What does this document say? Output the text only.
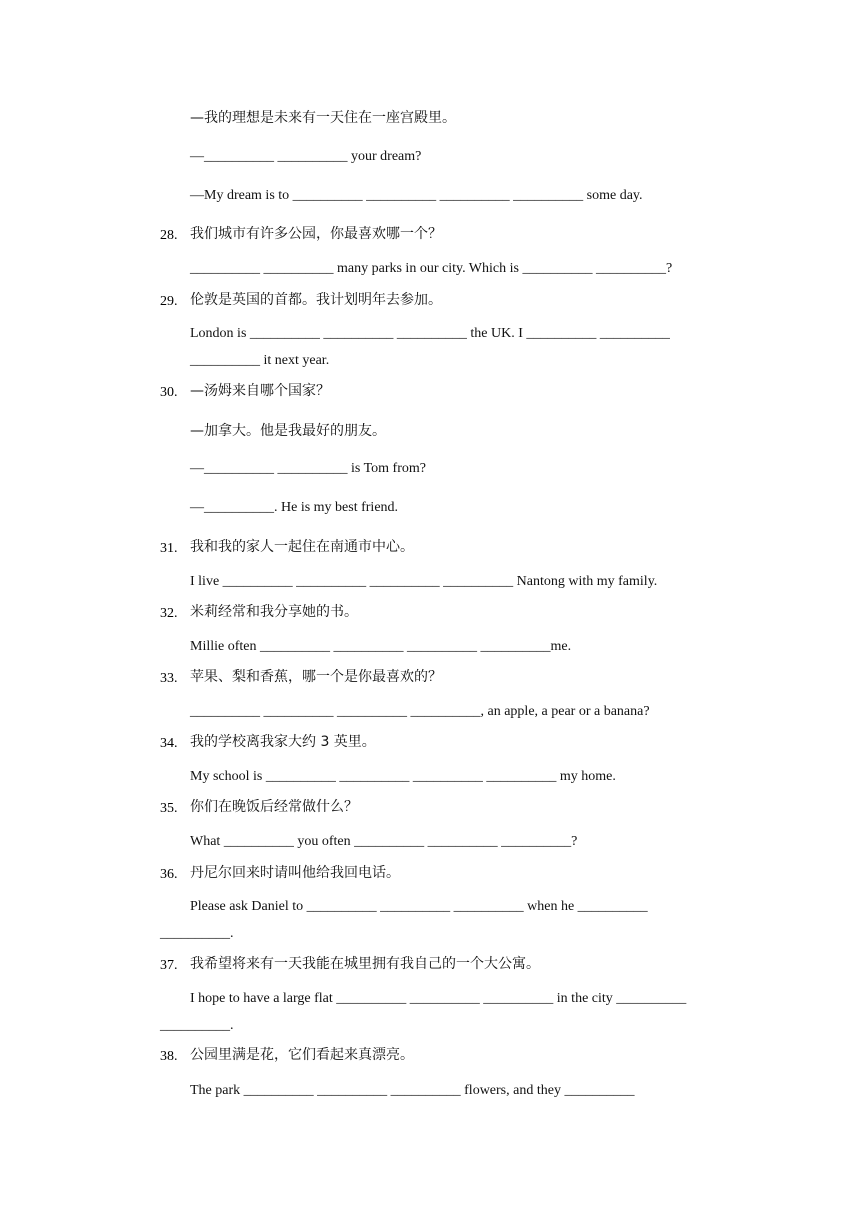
—我的理想是未来有一天住在一座宫殿里。
—__________ __________ your dream?
—My dream is to __________ __________ __________ __________ some day.
28. 我们城市有许多公园，你最喜欢哪一个？
__________ __________ many parks in our city. Which is __________ __________?
29. 伦敦是英国的首都。我计划明年去参加。
London is __________ __________ __________ the UK. I __________ __________
__________ it next year.
30. —汤姆来自哪个国家？
—加拿大。他是我最好的朋友。
—__________ __________ is Tom from?
—__________. He is my best friend.
31. 我和我的家人一起住在南通市中心。
I live __________ __________ __________ __________ Nantong with my family.
32. 米莉经常和我分享她的书。
Millie often __________ __________ __________ __________me.
33. 苹果、梨和香蕉，哪一个是你最喜欢的？
__________ __________ __________ __________, an apple, a pear or a banana?
34. 我的学校离我家大约 3 英里。
My school is __________ __________ __________ __________ my home.
35. 你们在晚饭后经常做什么？
What __________ you often __________ __________ __________?
36. 丹尼尔回来时请叫他给我回电话。
Please ask Daniel to __________ __________ __________ when he __________
__________.
37. 我希望将来有一天我能在城里拥有我自己的一个大公寓。
I hope to have a large flat __________ __________ __________ in the city __________
__________.
38. 公园里满是花，它们看起来真漂亮。
The park __________ __________ __________ flowers, and they __________
